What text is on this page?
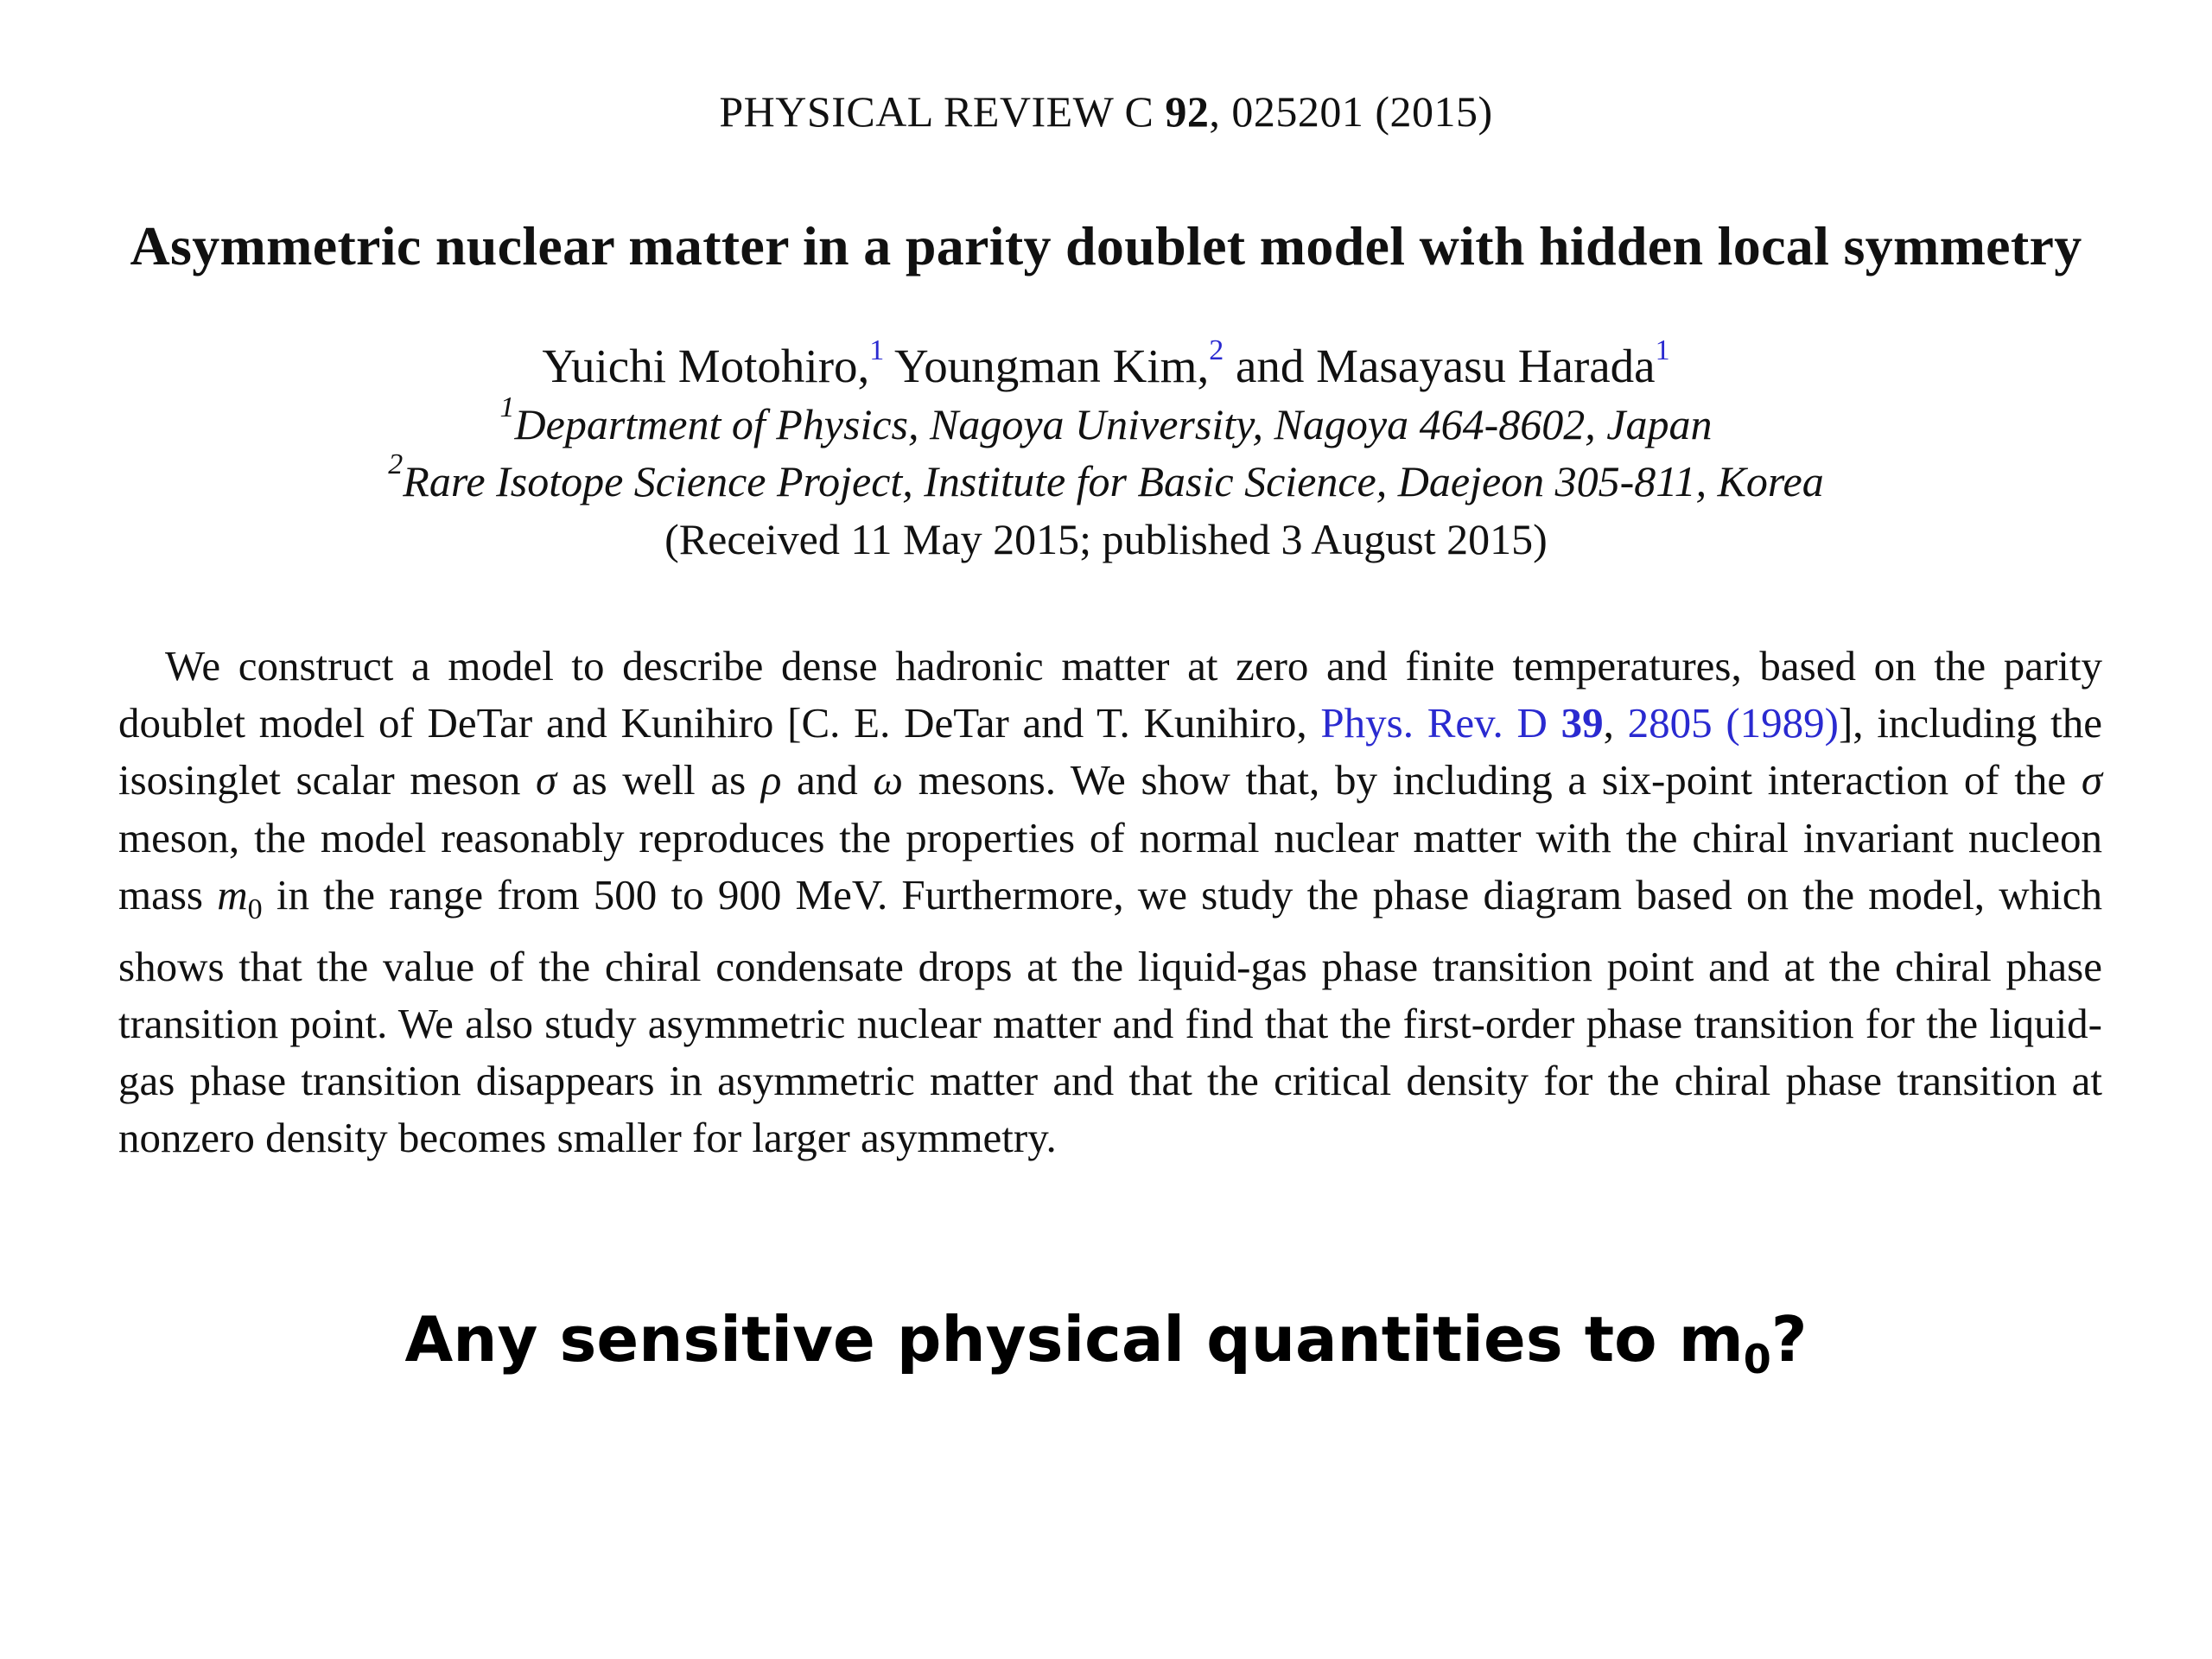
PHYSICAL REVIEW C 92, 025201 (2015)
Asymmetric nuclear matter in a parity doublet model with hidden local symmetry
Yuichi Motohiro,$^1$ Youngman Kim,$^2$ and Masayasu Harada$^1$
$^1$Department of Physics, Nagoya University, Nagoya 464-8602, Japan
$^2$Rare Isotope Science Project, Institute for Basic Science, Daejeon 305-811, Korea
(Received 11 May 2015; published 3 August 2015)
We construct a model to describe dense hadronic matter at zero and finite temperatures, based on the parity doublet model of DeTar and Kunihiro [C. E. DeTar and T. Kunihiro, Phys. Rev. D 39, 2805 (1989)], including the isosinglet scalar meson σ as well as ρ and ω mesons. We show that, by including a six-point interaction of the σ meson, the model reasonably reproduces the properties of normal nuclear matter with the chiral invariant nucleon mass $m_0$ in the range from 500 to 900 MeV. Furthermore, we study the phase diagram based on the model, which shows that the value of the chiral condensate drops at the liquid-gas phase transition point and at the chiral phase transition point. We also study asymmetric nuclear matter and find that the first-order phase transition for the liquid-gas phase transition disappears in asymmetric matter and that the critical density for the chiral phase transition at nonzero density becomes smaller for larger asymmetry.
Any sensitive physical quantities to $m_0$?
